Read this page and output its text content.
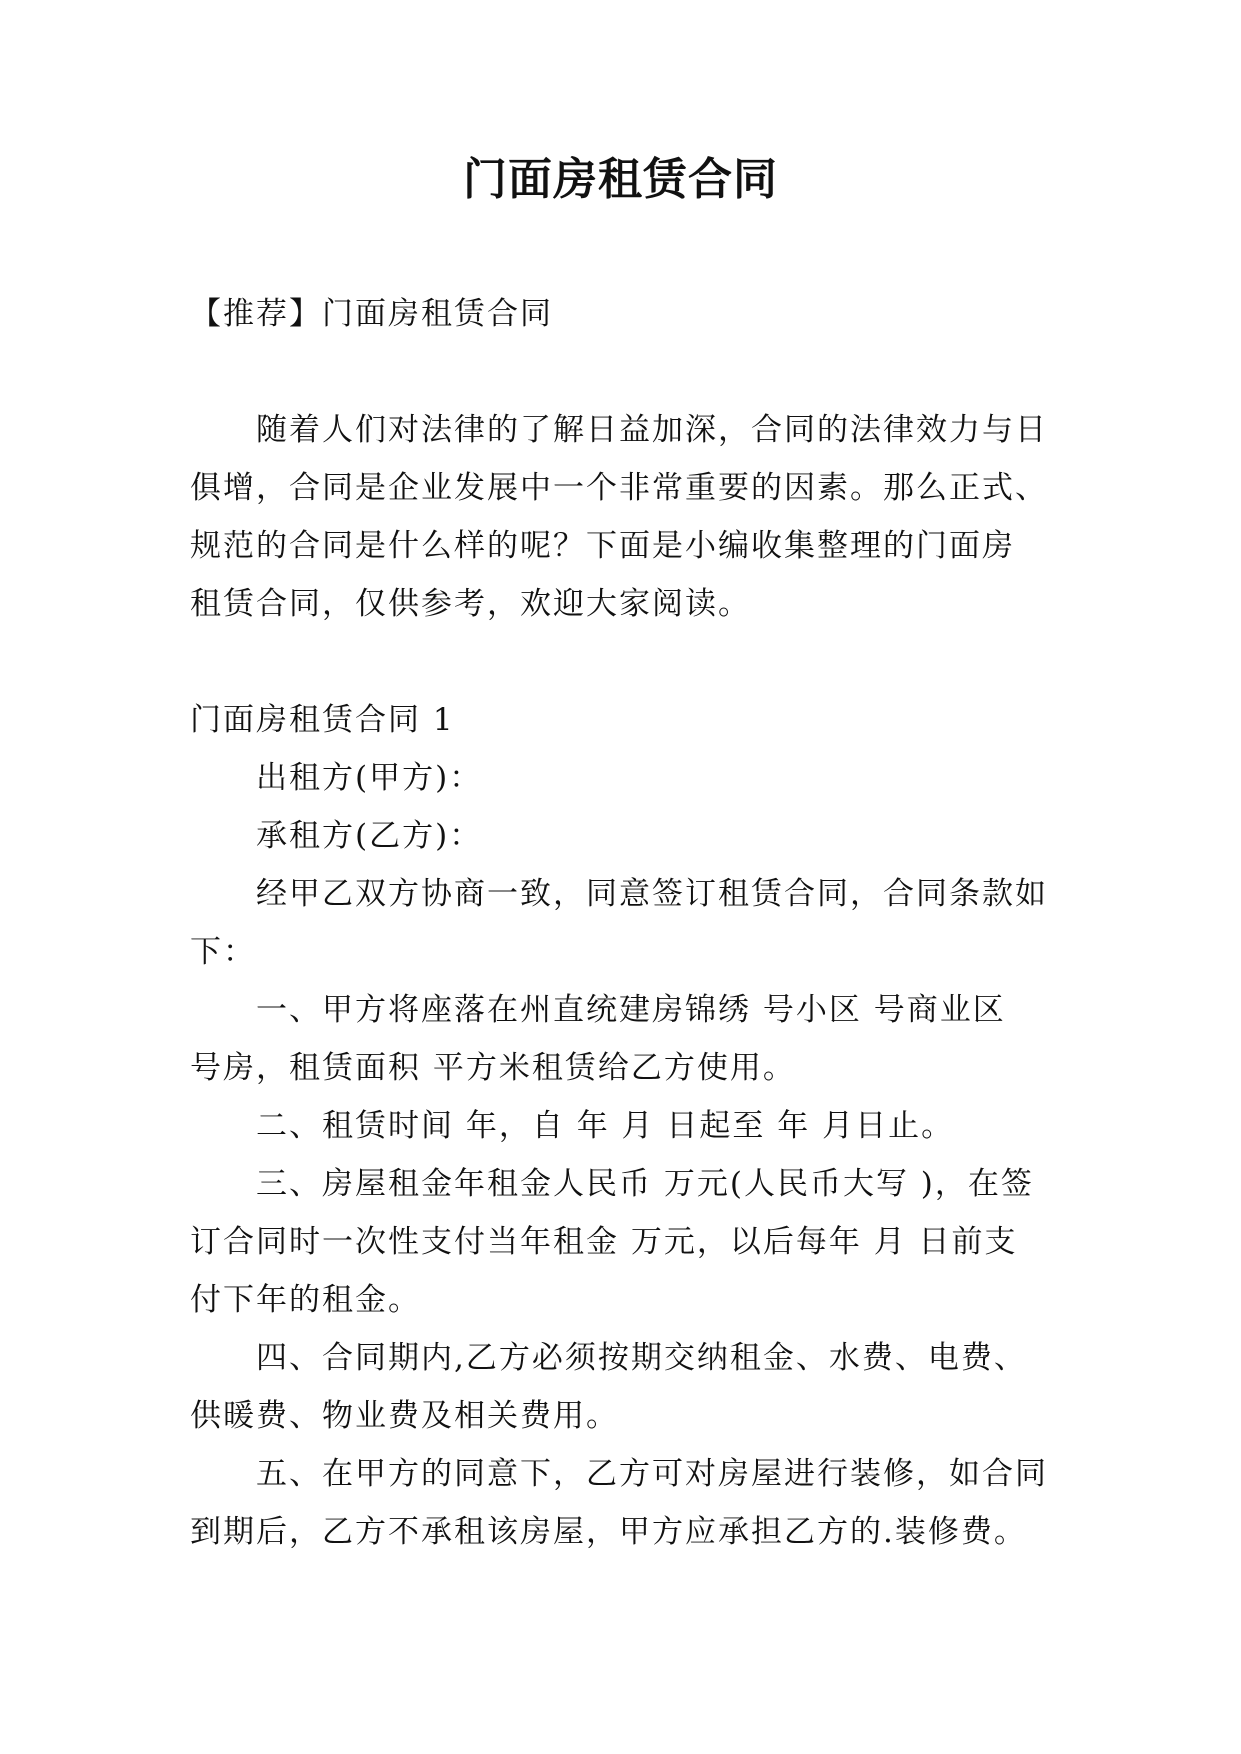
门面房租赁合同
【推荐】门面房租赁合同
随着人们对法律的了解日益加深，合同的法律效力与日
俱增，合同是企业发展中一个非常重要的因素。那么正式、
规范的合同是什么样的呢？下面是小编收集整理的门面房
租赁合同，仅供参考，欢迎大家阅读。
门面房租赁合同 1
出租方(甲方)：
承租方(乙方)：
经甲乙双方协商一致，同意签订租赁合同，合同条款如
下：
一、甲方将座落在州直统建房锦绣 号小区 号商业区
号房，租赁面积 平方米租赁给乙方使用。
二、租赁时间 年，自 年 月 日起至 年 月日止。
三、房屋租金年租金人民币 万元(人民币大写 )，在签
订合同时一次性支付当年租金 万元，以后每年 月 日前支
付下年的租金。
四、合同期内,乙方必须按期交纳租金、水费、电费、
供暖费、物业费及相关费用。
五、在甲方的同意下，乙方可对房屋进行装修，如合同
到期后，乙方不承租该房屋，甲方应承担乙方的.装修费。
